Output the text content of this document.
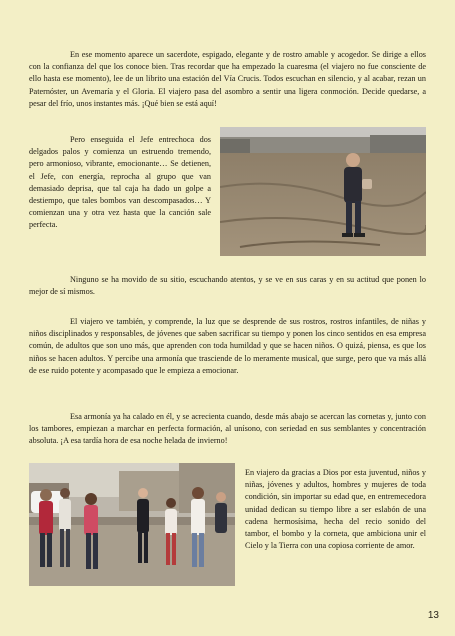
En ese momento aparece un sacerdote, espigado, elegante y de rostro amable y acogedor. Se dirige a ellos con la confianza del que los conoce bien. Tras recordar que ha empezado la cuaresma (el viajero no fue consciente de ello hasta ese momento), lee de un librito una estación del Vía Crucis. Todos escuchan en silencio, y al acabar, rezan un Paternóster, un Avemaría y el Gloria. El viajero pasa del asombro a sentir una ligera conmoción. Decide quedarse, a pesar del frío, unos instantes más. ¡Qué bien se está aquí!

Pero enseguida el Jefe entrechoca dos delgados palos y comienza un estruendo tremendo, pero armonioso, vibrante, emocionante… Se detienen, el Jefe, con energía, reprocha al grupo que van demasiado deprisa, que tal caja ha dado un golpe a destiempo, que tales bombos van descompasados… Y comienzan una y otra vez hasta que la canción sale perfecta.

Ninguno se ha movido de su sitio, escuchando atentos, y se ve en sus caras y en su actitud que ponen lo mejor de sí mismos.

El viajero ve también, y comprende, la luz que se desprende de sus rostros, rostros infantiles, de niñas y niños disciplinados y responsables, de jóvenes que saben sacrificar su tiempo y ponen los cinco sentidos en esa empresa común, de adultos que son uno más, que aprenden con toda humildad y que se hacen niños. O quizá, piensa, es que los niños se hacen adultos. Y percibe una armonía que trasciende de lo meramente musical, que surge, pero que va más allá de ese ruido potente y acompasado que le empieza a emocionar.

Esa armonía ya ha calado en él, y se acrecienta cuando, desde más abajo se acercan las cornetas y, junto con los tambores, empiezan a marchar en perfecta formación, al unísono, con seriedad en sus semblantes y concentración absoluta. ¡A esa tardía hora de esa noche helada de invierno!

En viajero da gracias a Dios por esta juventud, niños y niñas, jóvenes y adultos, hombres y mujeres de toda condición, sin importar su edad que, en entremecedora unidad dedican su tiempo libre a ser eslabón de una cadena hermosísima, hecha del recio sonido del tambor, el bombo y la corneta, que ambiciona unir el Cielo y la Tierra con una copiosa corriente de amor.

13
